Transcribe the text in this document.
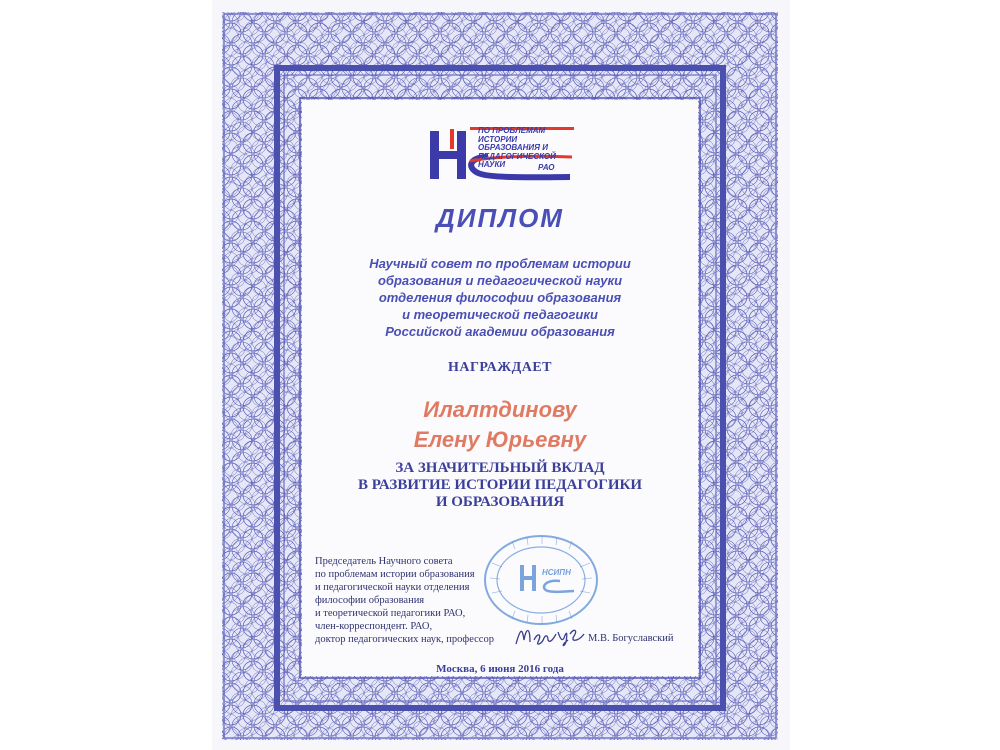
ПО ПРОБЛЕМАМ ИСТОРИИ
ОБРАЗОВАНИЯ И
ПЕДАГОГИЧЕСКОЙ НАУКИ	РАО
ДИПЛОМ
Научный совет по проблемам истории
образования и педагогической науки
отделения философии образования
и теоретической педагогики
Российской академии образования
НАГРАЖДАЕТ
Илалтдинову
Елену Юрьевну
ЗА ЗНАЧИТЕЛЬНЫЙ ВКЛАД
В РАЗВИТИЕ ИСТОРИИ ПЕДАГОГИКИ
И ОБРАЗОВАНИЯ
Председатель Научного совета
по проблемам истории образования
и педагогической науки отделения
философии образования
и теоретической педагогики РАО,
член-корреспондент. РАО,
доктор педагогических наук, профессор
НСИПН
М.В. Богуславский
Москва, 6 июня 2016 года
